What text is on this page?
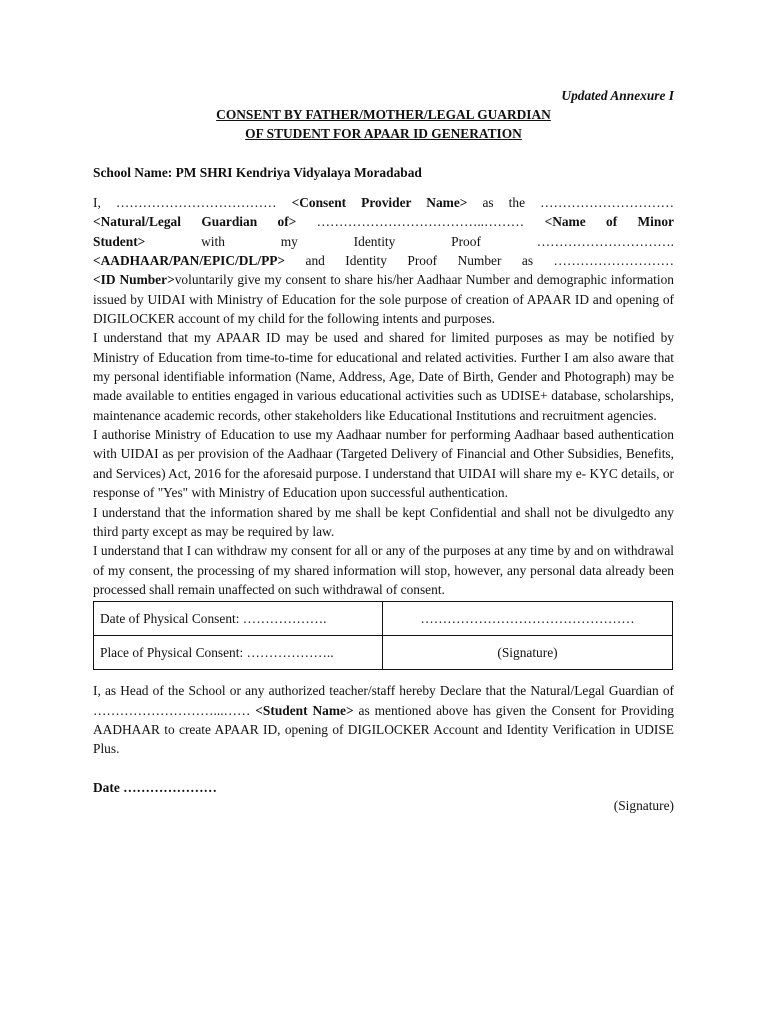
Updated Annexure I
CONSENT BY FATHER/MOTHER/LEGAL GUARDIAN
OF STUDENT FOR APAAR ID GENERATION
School Name: PM SHRI Kendriya Vidyalaya Moradabad
I, ……………………………… <Consent Provider Name> as the …………………………
<Natural/Legal Guardian of> ………………………………..……… <Name of Minor
Student>	with my Identity Proof ………………………….
<AADHAAR/PAN/EPIC/DL/PP> and Identity Proof Number as ………………………

<ID Number>voluntarily give my consent to share his/her Aadhaar Number and demographic information issued by UIDAI with Ministry of Education for the sole purpose of creation of APAAR ID and opening of DIGILOCKER account of my child for the following intents and purposes.

I understand that my APAAR ID may be used and shared for limited purposes as may be notified by Ministry of Education from time-to-time for educational and related activities. Further I am also aware that my personal identifiable information (Name, Address, Age, Date of Birth, Gender and Photograph) may be made available to entities engaged in various educational activities such as UDISE+ database, scholarships, maintenance academic records, other stakeholders like Educational Institutions and recruitment agencies.

I authorise Ministry of Education to use my Aadhaar number for performing Aadhaar based authentication with UIDAI as per provision of the Aadhaar (Targeted Delivery of Financial and Other Subsidies, Benefits, and Services) Act, 2016 for the aforesaid purpose. I understand that UIDAI will share my e- KYC details, or response of "Yes" with Ministry of Education upon successful authentication.

I understand that the information shared by me shall be kept Confidential and shall not be divulgedto any third party except as may be required by law.

I understand that I can withdraw my consent for all or any of the purposes at any time by and on withdrawal of my consent, the processing of my shared information will stop, however, any personal data already been processed shall remain unaffected on such withdrawal of consent.

Date of Physical Consent: ……………….	…………………………………………
Place of Physical Consent: ………………..	(Signature)
I, as Head of the School or any authorized teacher/staff hereby Declare that the Natural/Legal Guardian of ………………………...…… <Student Name> as mentioned above has given the Consent for Providing AADHAAR to create APAAR ID, opening of DIGILOCKER Account and Identity Verification in UDISE Plus.
Date …………………
(Signature)
